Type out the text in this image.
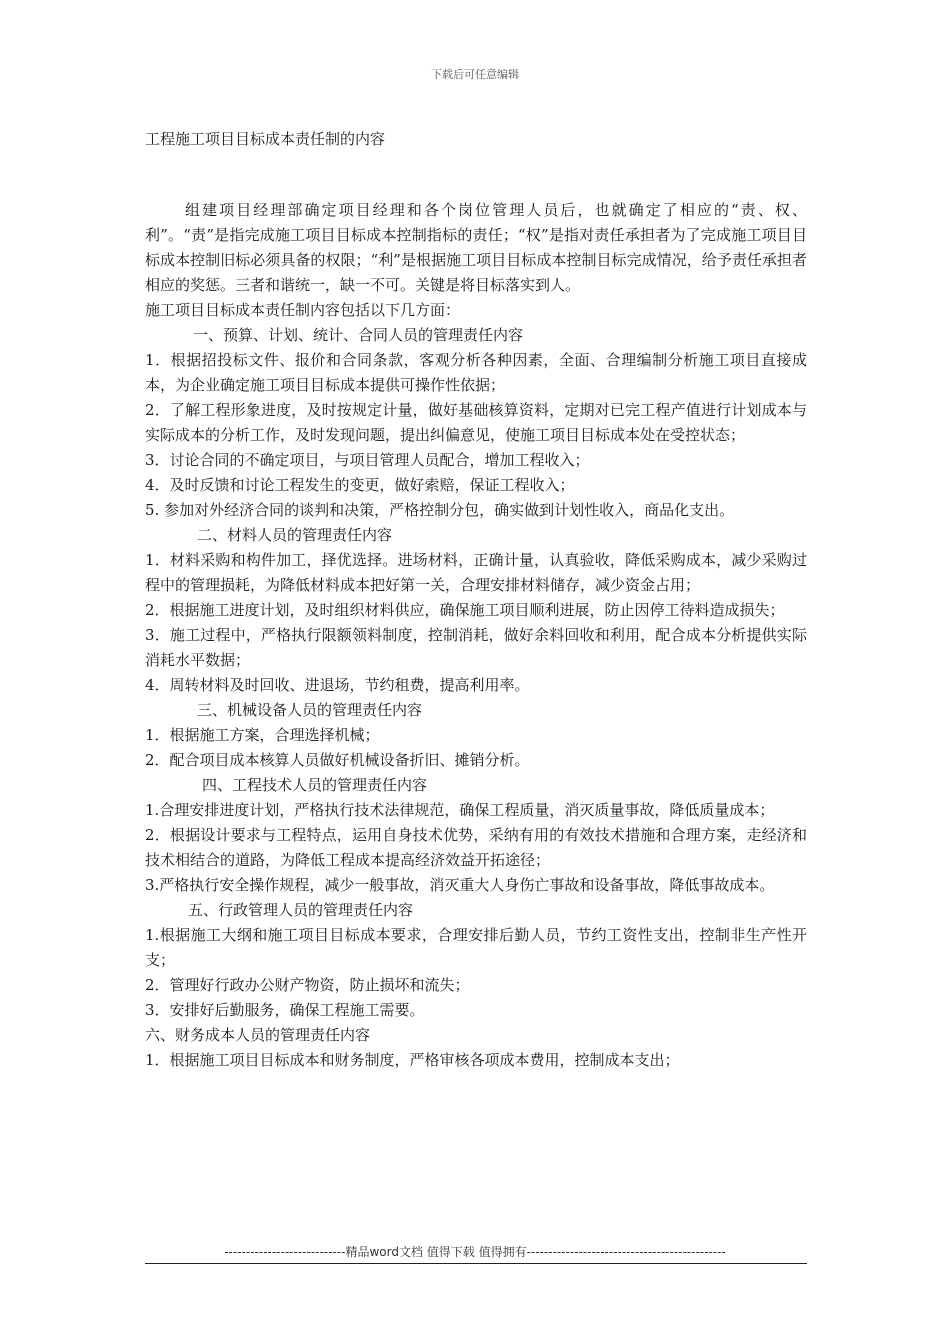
下载后可任意编辑
工程施工项目目标成本责任制的内容

组建项目经理部确定项目经理和各个岗位管理人员后，也就确定了相应的“责、权、利”。“责”是指完成施工项目目标成本控制指标的责任；“权”是指对责任承担者为了完成施工项目目标成本控制旧标必须具备的权限；“利”是根据施工项目目标成本控制目标完成情况，给予责任承担者相应的奖惩。三者和谐统一，缺一不可。关键是将目标落实到人。

施工项目目标成本责任制内容包括以下几方面：

一、预算、计划、统计、合同人员的管理责任内容

1．根据招投标文件、报价和合同条款，客观分析各种因素，全面、合理编制分析施工项目直接成本，为企业确定施工项目目标成本提供可操作性依据；

2．了解工程形象进度，及时按规定计量，做好基础核算资料，定期对已完工程产值进行计划成本与实际成本的分析工作，及时发现问题，提出纠偏意见，使施工项目目标成本处在受控状态；

3．讨论合同的不确定项目，与项目管理人员配合，增加工程收入；

4．及时反馈和讨论工程发生的变更，做好索赔，保证工程收入；

5. 参加对外经济合同的谈判和决策，严格控制分包，确实做到计划性收入，商品化支出。

二、材料人员的管理责任内容

1．材料采购和构件加工，择优选择。进场材料，正确计量，认真验收，降低采购成本，减少采购过程中的管理损耗，为降低材料成本把好第一关，合理安排材料储存，减少资金占用；

2．根据施工进度计划，及时组织材料供应，确保施工项目顺利进展，防止因停工待料造成损失；

3．施工过程中，严格执行限额领料制度，控制消耗，做好余料回收和利用，配合成本分析提供实际消耗水平数据；

4．周转材料及时回收、进退场，节约租费，提高利用率。

三、机械设备人员的管理责任内容

1．根据施工方案，合理选择机械；

2．配合项目成本核算人员做好机械设备折旧、摊销分析。

四、工程技术人员的管理责任内容

1.合理安排进度计划，严格执行技术法律规范，确保工程质量，消灭质量事故，降低质量成本；

2．根据设计要求与工程特点，运用自身技术优势，采纳有用的有效技术措施和合理方案，走经济和技术相结合的道路，为降低工程成本提高经济效益开拓途径；

3.严格执行安全操作规程，减少一般事故，消灭重大人身伤亡事故和设备事故，降低事故成本。

五、行政管理人员的管理责任内容

1.根据施工大纲和施工项目目标成本要求，合理安排后勤人员，节约工资性支出，控制非生产性开支；

2．管理好行政办公财产物资，防止损坏和流失；

3．安排好后勤服务，确保工程施工需要。

六、财务成本人员的管理责任内容

1．根据施工项目目标成本和财务制度，严格审核各项成本费用，控制成本支出；

----------------------------精品word文档 值得下载 值得拥有----------------------------------------------
